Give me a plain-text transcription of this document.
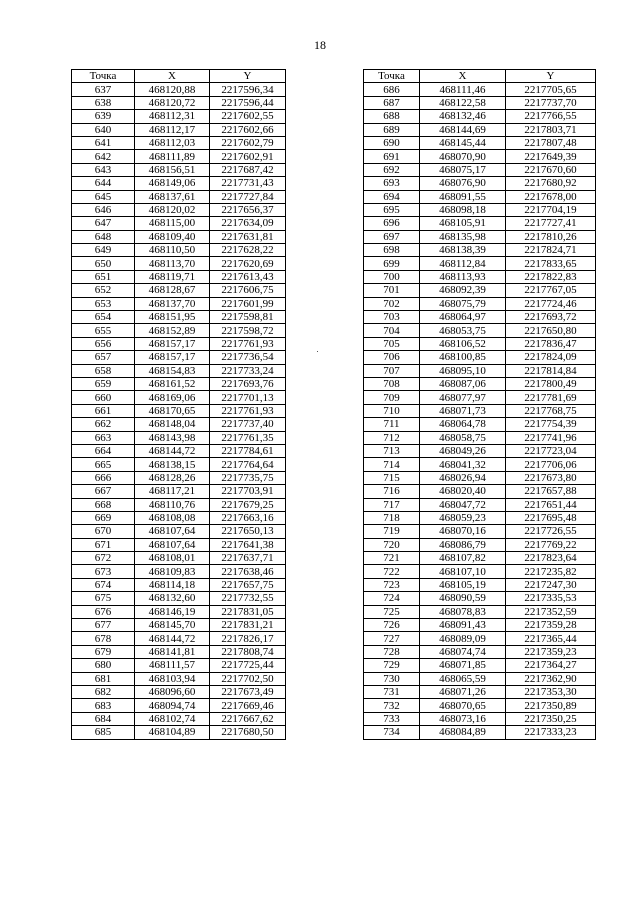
18
Точка	X	Y
637	468120,88	2217596,34
638	468120,72	2217596,44
639	468112,31	2217602,55
640	468112,17	2217602,66
641	468112,03	2217602,79
642	468111,89	2217602,91
643	468156,51	2217687,42
644	468149,06	2217731,43
645	468137,61	2217727,84
646	468120,02	2217656,37
647	468115,00	2217634,09
648	468109,40	2217631,81
649	468110,50	2217628,22
650	468113,70	2217620,69
651	468119,71	2217613,43
652	468128,67	2217606,75
653	468137,70	2217601,99
654	468151,95	2217598,81
655	468152,89	2217598,72
656	468157,17	2217761,93
657	468157,17	2217736,54
658	468154,83	2217733,24
659	468161,52	2217693,76
660	468169,06	2217701,13
661	468170,65	2217761,93
662	468148,04	2217737,40
663	468143,98	2217761,35
664	468144,72	2217784,61
665	468138,15	2217764,64
666	468128,26	2217735,75
667	468117,21	2217703,91
668	468110,76	2217679,25
669	468108,08	2217663,16
670	468107,64	2217650,13
671	468107,64	2217641,38
672	468108,01	2217637,71
673	468109,83	2217638,46
674	468114,18	2217657,75
675	468132,60	2217732,55
676	468146,19	2217831,05
677	468145,70	2217831,21
678	468144,72	2217826,17
679	468141,81	2217808,74
680	468111,57	2217725,44
681	468103,94	2217702,50
682	468096,60	2217673,49
683	468094,74	2217669,46
684	468102,74	2217667,62
685	468104,89	2217680,50
Точка	X	Y
686	468111,46	2217705,65
687	468122,58	2217737,70
688	468132,46	2217766,55
689	468144,69	2217803,71
690	468145,44	2217807,48
691	468070,90	2217649,39
692	468075,17	2217670,60
693	468076,90	2217680,92
694	468091,55	2217678,00
695	468098,18	2217704,19
696	468105,91	2217727,41
697	468135,98	2217810,26
698	468138,39	2217824,71
699	468112,84	2217833,65
700	468113,93	2217822,83
701	468092,39	2217767,05
702	468075,79	2217724,46
703	468064,97	2217693,72
704	468053,75	2217650,80
705	468106,52	2217836,47
706	468100,85	2217824,09
707	468095,10	2217814,84
708	468087,06	2217800,49
709	468077,97	2217781,69
710	468071,73	2217768,75
711	468064,78	2217754,39
712	468058,75	2217741,96
713	468049,26	2217723,04
714	468041,32	2217706,06
715	468026,94	2217673,80
716	468020,40	2217657,88
717	468047,72	2217651,44
718	468059,23	2217695,48
719	468070,16	2217726,55
720	468086,79	2217769,22
721	468107,82	2217823,64
722	468107,10	2217235,82
723	468105,19	2217247,30
724	468090,59	2217335,53
725	468078,83	2217352,59
726	468091,43	2217359,28
727	468089,09	2217365,44
728	468074,74	2217359,23
729	468071,85	2217364,27
730	468065,59	2217362,90
731	468071,26	2217353,30
732	468070,65	2217350,89
733	468073,16	2217350,25
734	468084,89	2217333,23
